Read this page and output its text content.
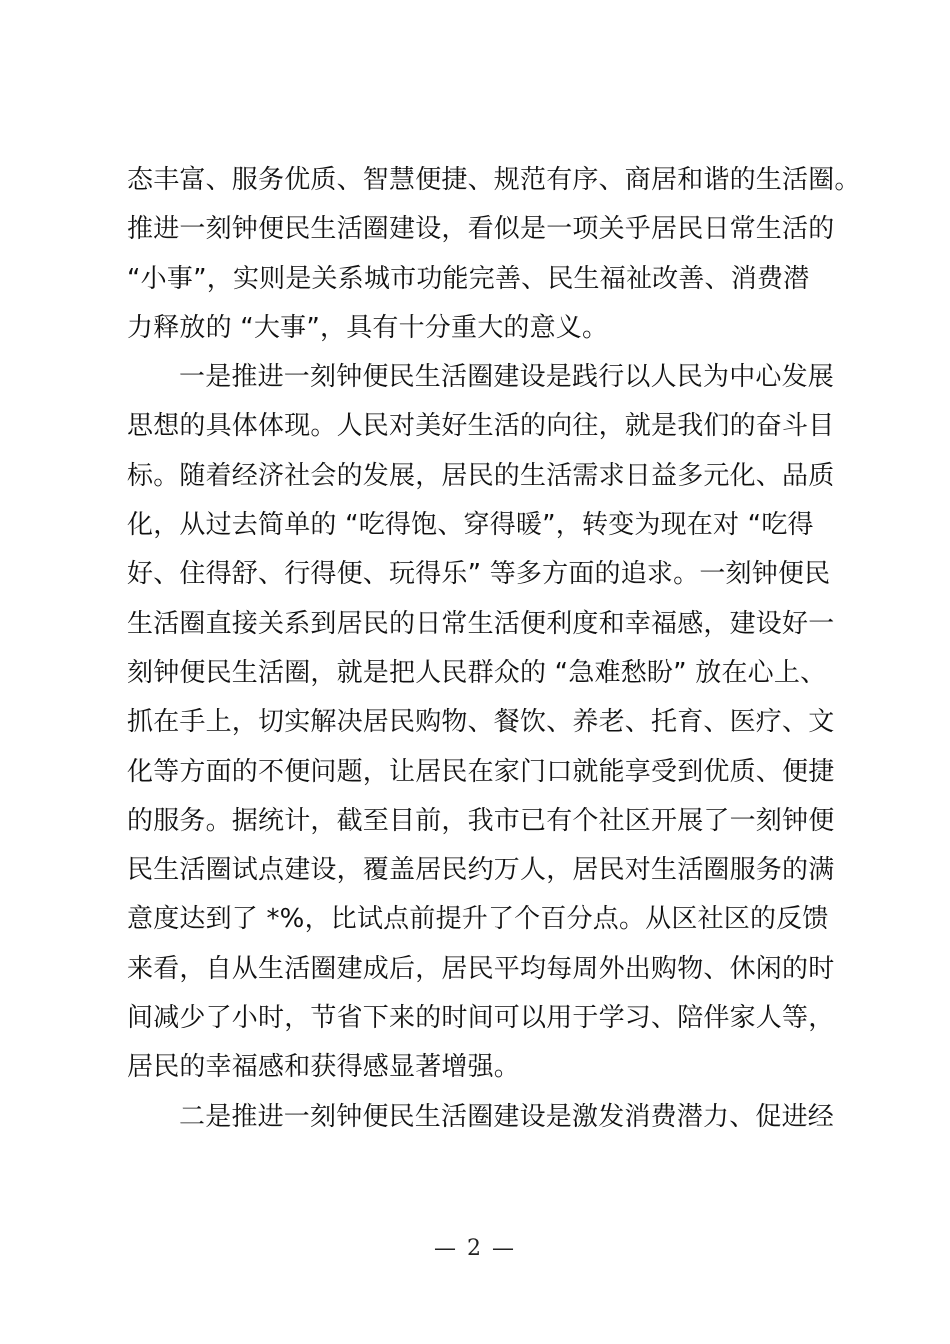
态丰富、服务优质、智慧便捷、规范有序、商居和谐的生活圈。
推进一刻钟便民生活圈建设，看似是一项关乎居民日常生活的
“小事”，实则是关系城市功能完善、民生福祉改善、消费潜
力释放的 “大事”，具有十分重大的意义。
一是推进一刻钟便民生活圈建设是践行以人民为中心发展
思想的具体体现。人民对美好生活的向往，就是我们的奋斗目
标。随着经济社会的发展，居民的生活需求日益多元化、品质
化，从过去简单的 “吃得饱、穿得暖”，转变为现在对 “吃得
好、住得舒、行得便、玩得乐” 等多方面的追求。一刻钟便民
生活圈直接关系到居民的日常生活便利度和幸福感，建设好一
刻钟便民生活圈，就是把人民群众的 “急难愁盼” 放在心上、
抓在手上，切实解决居民购物、餐饮、养老、托育、医疗、文
化等方面的不便问题，让居民在家门口就能享受到优质、便捷
的服务。据统计，截至目前，我市已有个社区开展了一刻钟便
民生活圈试点建设，覆盖居民约万人，居民对生活圈服务的满
意度达到了 *%，比试点前提升了个百分点。从区社区的反馈
来看，自从生活圈建成后，居民平均每周外出购物、休闲的时
间减少了小时，节省下来的时间可以用于学习、陪伴家人等，
居民的幸福感和获得感显著增强。
二是推进一刻钟便民生活圈建设是激发消费潜力、促进经
— 2 —
